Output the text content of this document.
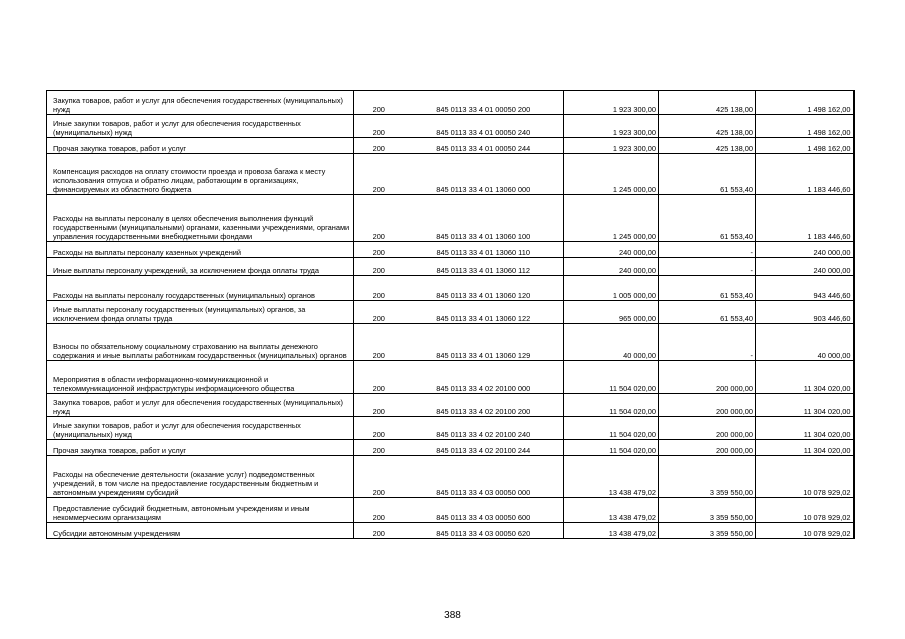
Закупка товаров, работ и услуг для обеспечения государственных (муниципальных) нужд	200	845 0113 33 4 01 00050 200	1 923 300,00	425 138,00	1 498 162,00
Иные закупки товаров, работ и услуг для обеспечения государственных (муниципальных) нужд	200	845 0113 33 4 01 00050 240	1 923 300,00	425 138,00	1 498 162,00
Прочая закупка товаров, работ и услуг	200	845 0113 33 4 01 00050 244	1 923 300,00	425 138,00	1 498 162,00
Компенсация расходов на оплату стоимости проезда и провоза багажа к месту использования отпуска и обратно лицам, работающим в организациях, финансируемых из областного бюджета	200	845 0113 33 4 01 13060 000	1 245 000,00	61 553,40	1 183 446,60
Расходы на выплаты персоналу в целях обеспечения выполнения функций государственными (муниципальными) органами, казенными учреждениями, органами управления государственными внебюджетными фондами	200	845 0113 33 4 01 13060 100	1 245 000,00	61 553,40	1 183 446,60
Расходы на выплаты персоналу казенных учреждений	200	845 0113 33 4 01 13060 110	240 000,00	-	240 000,00
Иные выплаты персоналу учреждений, за исключением фонда оплаты труда	200	845 0113 33 4 01 13060 112	240 000,00	-	240 000,00
Расходы на выплаты персоналу государственных (муниципальных) органов	200	845 0113 33 4 01 13060 120	1 005 000,00	61 553,40	943 446,60
Иные выплаты персоналу государственных (муниципальных) органов, за исключением фонда оплаты труда	200	845 0113 33 4 01 13060 122	965 000,00	61 553,40	903 446,60
Взносы по обязательному социальному страхованию на выплаты денежного содержания и иные выплаты работникам государственных (муниципальных) органов	200	845 0113 33 4 01 13060 129	40 000,00	-	40 000,00
Мероприятия в области информационно-коммуникационной и телекоммуникационной инфраструктуры информационного общества	200	845 0113 33 4 02 20100 000	11 504 020,00	200 000,00	11 304 020,00
Закупка товаров, работ и услуг для обеспечения государственных (муниципальных) нужд	200	845 0113 33 4 02 20100 200	11 504 020,00	200 000,00	11 304 020,00
Иные закупки товаров, работ и услуг для обеспечения государственных (муниципальных) нужд	200	845 0113 33 4 02 20100 240	11 504 020,00	200 000,00	11 304 020,00
Прочая закупка товаров, работ и услуг	200	845 0113 33 4 02 20100 244	11 504 020,00	200 000,00	11 304 020,00
Расходы на обеспечение деятельности (оказание услуг) подведомственных учреждений, в том числе на предоставление государственным бюджетным и автономным учреждениям субсидий	200	845 0113 33 4 03 00050 000	13 438 479,02	3 359 550,00	10 078 929,02
Предоставление субсидий бюджетным, автономным учреждениям и иным некоммерческим организациям	200	845 0113 33 4 03 00050 600	13 438 479,02	3 359 550,00	10 078 929,02
Субсидии автономным учреждениям	200	845 0113 33 4 03 00050 620	13 438 479,02	3 359 550,00	10 078 929,02
388
